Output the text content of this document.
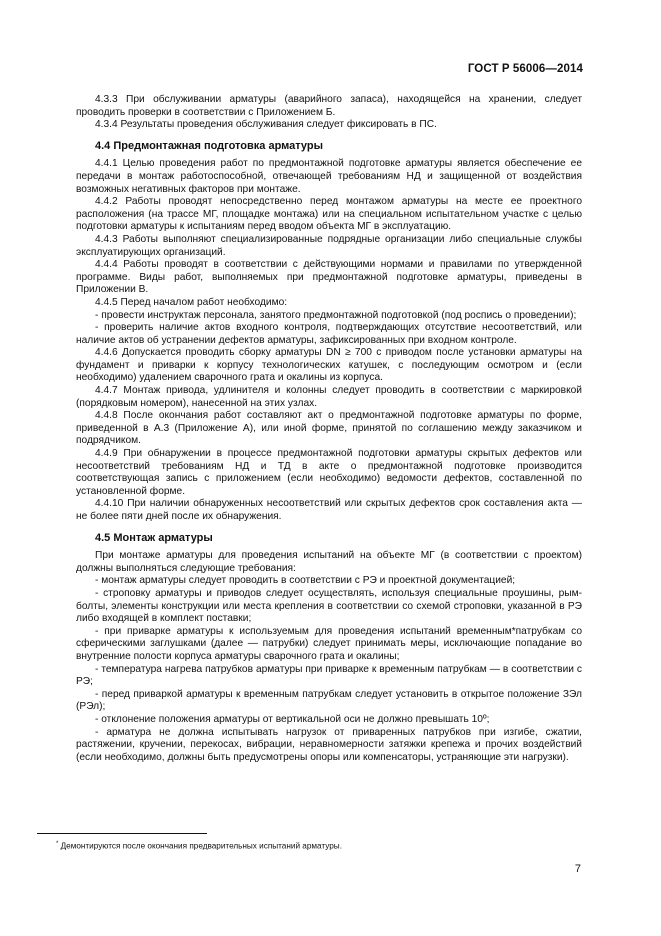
ГОСТ Р 56006—2014

4.3.3 При обслуживании арматуры (аварийного запаса), находящейся на хранении, следует проводить проверки в соответствии с Приложением Б.

4.3.4 Результаты проведения обслуживания следует фиксировать в ПС.

4.4 Предмонтажная подготовка арматуры

4.4.1 Целью проведения работ по предмонтажной подготовке арматуры является обеспечение ее передачи в монтаж работоспособной, отвечающей требованиям НД и защищенной от воздействия возможных негативных факторов при монтаже.

4.4.2 Работы проводят непосредственно перед монтажом арматуры на месте ее проектного расположения (на трассе МГ, площадке монтажа) или на специальном испытательном участке с целью подготовки арматуры к испытаниям перед вводом объекта МГ в эксплуатацию.

4.4.3 Работы выполняют специализированные подрядные организации либо специальные службы эксплуатирующих организаций.

4.4.4 Работы проводят в соответствии с действующими нормами и правилами по утвержденной программе. Виды работ, выполняемых при предмонтажной подготовке арматуры, приведены в Приложении В.

4.4.5 Перед началом работ необходимо:

- провести инструктаж персонала, занятого предмонтажной подготовкой (под роспись о проведении);

- проверить наличие актов входного контроля, подтверждающих отсутствие несоответствий, или наличие актов об устранении дефектов арматуры, зафиксированных при входном контроле.

4.4.6 Допускается проводить сборку арматуры DN ≥ 700 с приводом после установки арматуры на фундамент и приварки к корпусу технологических катушек, с последующим осмотром и (если необходимо) удалением сварочного грата и окалины из корпуса.

4.4.7 Монтаж привода, удлинителя и колонны следует проводить в соответствии с маркировкой (порядковым номером), нанесенной на этих узлах.

4.4.8 После окончания работ составляют акт о предмонтажной подготовке арматуры по форме, приведенной в А.3 (Приложение А), или иной форме, принятой по соглашению между заказчиком и подрядчиком.

4.4.9 При обнаружении в процессе предмонтажной подготовки арматуры скрытых дефектов или несоответствий требованиям НД и ТД в акте о предмонтажной подготовке производится соответствующая запись с приложением (если необходимо) ведомости дефектов, составленной по установленной форме.

4.4.10 При наличии обнаруженных несоответствий или скрытых дефектов срок составления акта — не более пяти дней после их обнаружения.

4.5 Монтаж арматуры

При монтаже арматуры для проведения испытаний на объекте МГ (в соответствии с проектом) должны выполняться следующие требования:

- монтаж арматуры следует проводить в соответствии с РЭ и проектной документацией;

- строповку арматуры и приводов следует осуществлять, используя специальные проушины, рым-болты, элементы конструкции или места крепления в соответствии со схемой строповки, указанной в РЭ либо входящей в комплект поставки;

- при приварке арматуры к используемым для проведения испытаний временным*патрубкам со сферическими заглушками (далее — патрубки) следует принимать меры, исключающие попадание во внутренние полости корпуса арматуры сварочного грата и окалины;

- температура нагрева патрубков арматуры при приварке к временным патрубкам — в соответствии с РЭ;

- перед приваркой арматуры к временным патрубкам следует установить в открытое положение ЗЭл (РЭл);

- отклонение положения арматуры от вертикальной оси не должно превышать 10º;

- арматура не должна испытывать нагрузок от приваренных патрубков при изгибе, сжатии, растяжении, кручении, перекосах, вибрации, неравномерности затяжки крепежа и прочих воздействий (если необходимо, должны быть предусмотрены опоры или компенсаторы, устраняющие эти нагрузки).

* Демонтируются после окончания предварительных испытаний арматуры.
7
